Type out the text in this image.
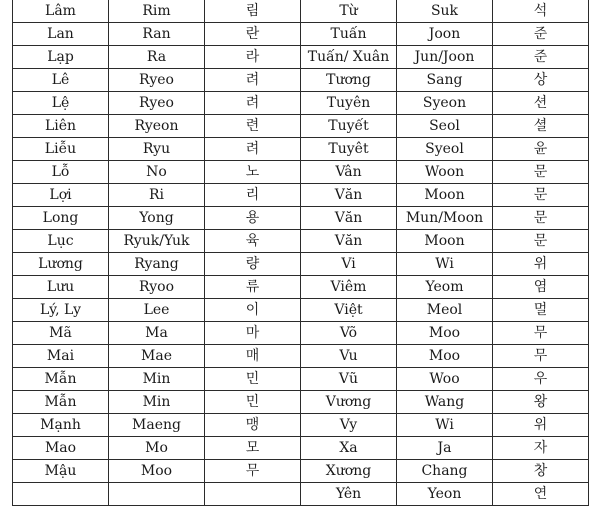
Lâm	Rim	림	Từ	Suk	석
Lan	Ran	란	Tuấn	Joon	준
Lạp	Ra	라	Tuấn/ Xuân	Jun/Joon	준
Lê	Ryeo	려	Tương	Sang	상
Lệ	Ryeo	려	Tuyên	Syeon	션
Liên	Ryeon	련	Tuyết	Seol	셜
Liễu	Ryu	려	Tuyêt	Syeol	윤
Lỗ	No	노	Vân	Woon	문
Lợi	Ri	리	Văn	Moon	문
Long	Yong	용	Văn	Mun/Moon	문
Lục	Ryuk/Yuk	육	Văn	Moon	문
Lương	Ryang	량	Vi	Wi	위
Lưu	Ryoo	류	Viêm	Yeom	염
Lý, Ly	Lee	이	Việt	Meol	멀
Mã	Ma	마	Võ	Moo	무
Mai	Mae	매	Vu	Moo	무
Mẫn	Min	민	Vũ	Woo	우
Mẫn	Min	민	Vương	Wang	왕
Mạnh	Maeng	맹	Vy	Wi	위
Mao	Mo	모	Xa	Ja	자
Mậu	Moo	무	Xương	Chang	창
			Yên	Yeon	연
